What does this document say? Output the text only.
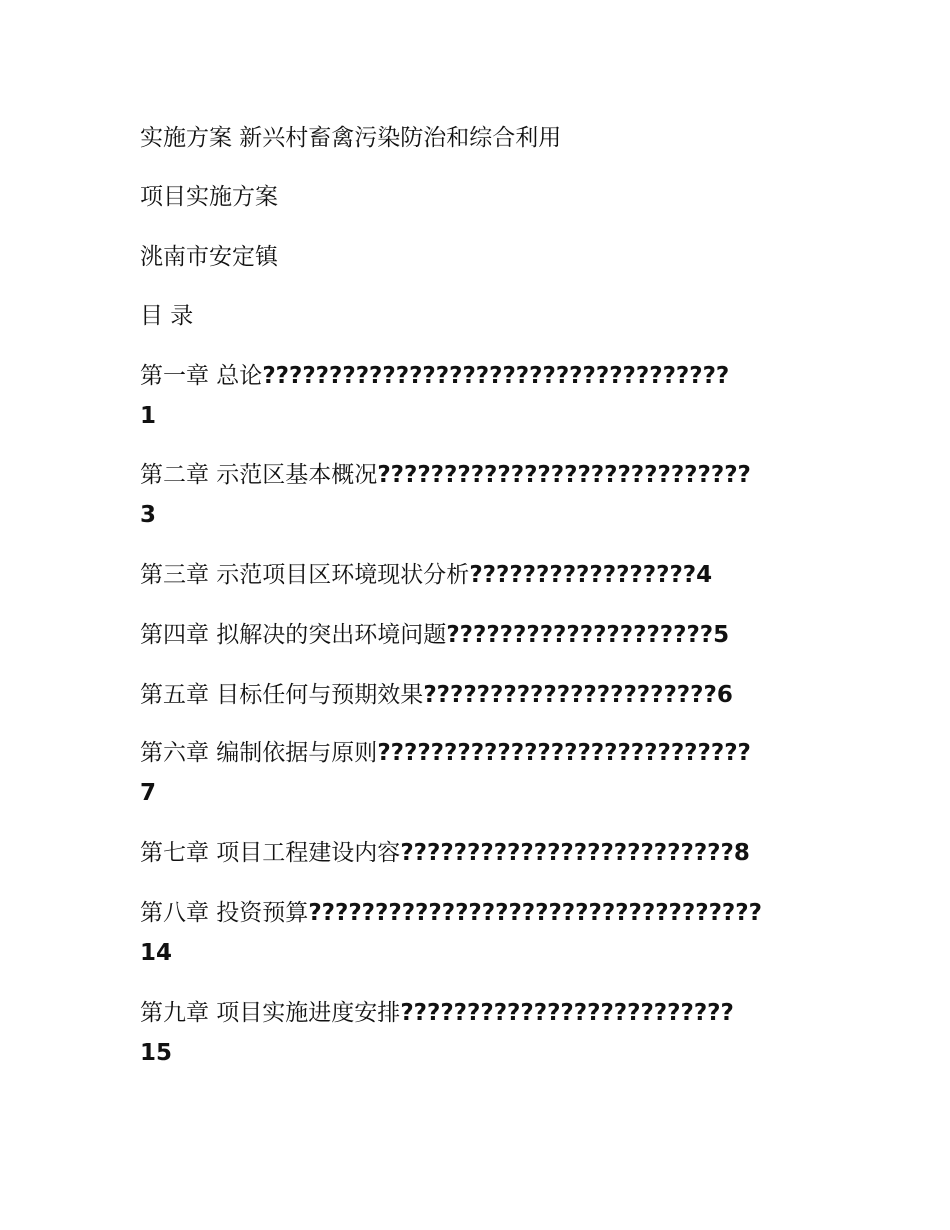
实施方案 新兴村畜禽污染防治和综合利用
项目实施方案
洮南市安定镇
目 录
第一章 总论???????????????????????????????????
1
第二章 示范区基本概况????????????????????????????
3
第三章 示范项目区环境现状分析?????????????????4
第四章 拟解决的突出环境问题????????????????????5
第五章 目标任何与预期效果??????????????????????6
第六章 编制依据与原则????????????????????????????
7
第七章 项目工程建设内容?????????????????????????8
第八章 投资预算??????????????????????????????????
14
第九章 项目实施进度安排?????????????????????????
15
